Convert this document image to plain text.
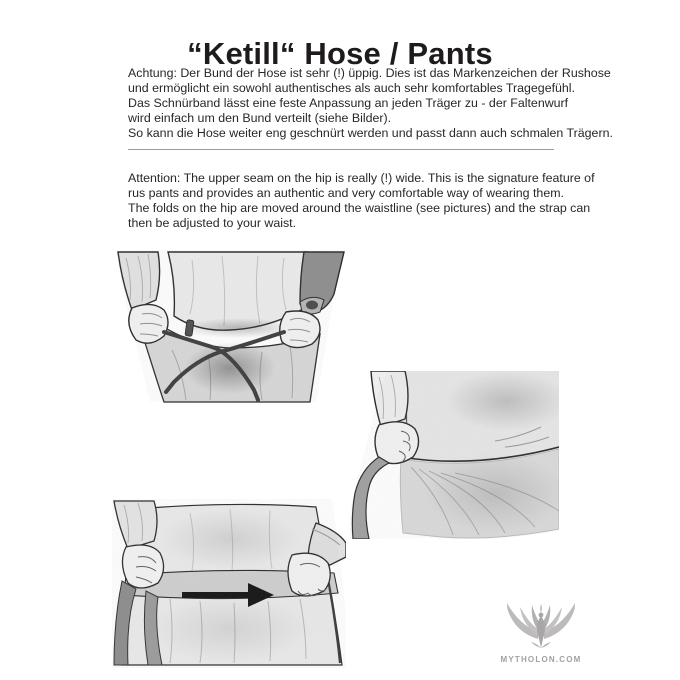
“Ketill“ Hose / Pants
Achtung: Der Bund der Hose ist sehr (!) üppig. Dies ist das Markenzeichen der Rushose
und ermöglicht ein sowohl authentisches als auch sehr komfortables Tragegefühl.
Das Schnürband lässt eine feste Anpassung an jeden Träger zu - der Faltenwurf
wird einfach um den Bund verteilt (siehe Bilder).
So kann die Hose weiter eng geschnürt werden und passt dann auch schmalen Trägern.
Attention: The upper seam on the hip is really (!) wide. This is the signature feature of
rus pants and provides an authentic and very comfortable way of wearing them.
The folds on the hip are moved around the waistline (see pictures) and the strap can
then be adjusted to your waist.
MYTHOLON.COM
